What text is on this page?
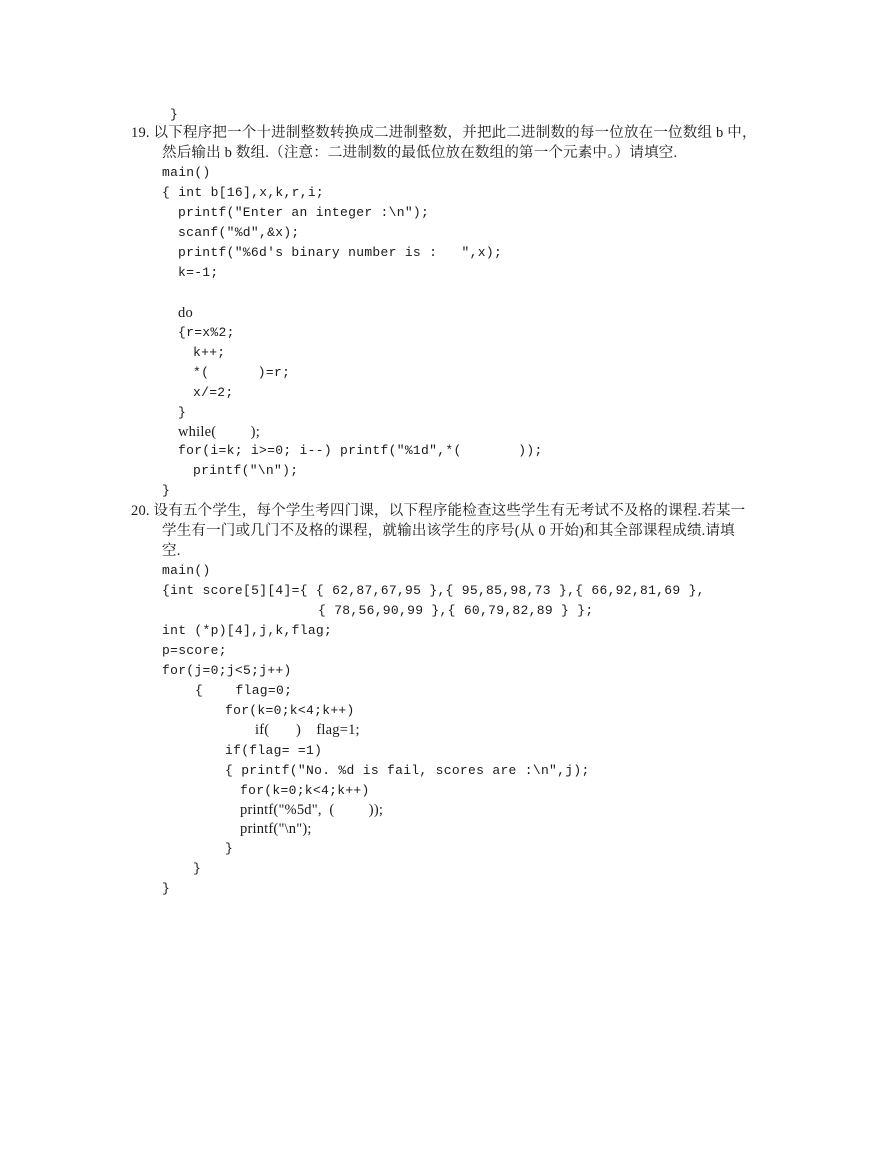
}
19. 以下程序把一个十进制整数转换成二进制整数，并把此二进制数的每一位放在一位数组 b 中，
然后输出 b 数组.（注意：二进制数的最低位放在数组的第一个元素中。）请填空.
main()
{ int b[16],x,k,r,i;
printf("Enter an integer :\n");
scanf("%d",&x);
printf("%6d's binary number is :   ",x);
k=-1;
do
{r=x%2;
k++;
*(      )=r;
x/=2;
}
while(         );
for(i=k; i>=0; i--) printf("%1d",*(       ));
printf("\n");
}
20. 设有五个学生，每个学生考四门课，以下程序能检查这些学生有无考试不及格的课程.若某一
学生有一门或几门不及格的课程，就输出该学生的序号(从 0 开始)和其全部课程成绩.请填
空.
main()
{int score[5][4]={ { 62,87,67,95 },{ 95,85,98,73 },{ 66,92,81,69 },
{ 78,56,90,99 },{ 60,79,82,89 } };
int (*p)[4],j,k,flag;
p=score;
for(j=0;j<5;j++)
{    flag=0;
for(k=0;k<4;k++)
if(       )    flag=1;
if(flag= =1)
{ printf("No. %d is fail, scores are :\n",j);
for(k=0;k<4;k++)
printf("%5d",  (         ));
printf("\n");
}
}
}
